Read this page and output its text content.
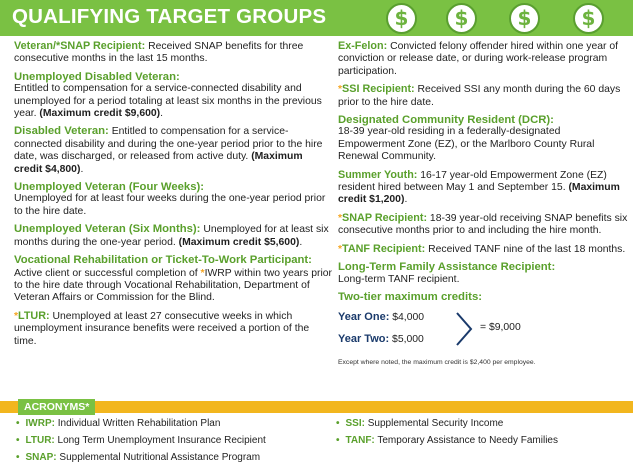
QUALIFYING TARGET GROUPS	$	$	$	$
Veteran/*SNAP Recipient: Received SNAP benefits for three consecutive months in the last 15 months.
Unemployed Disabled Veteran:
Entitled to compensation for a service-connected disability and unemployed for a period totaling at least six months in the previous year. (Maximum credit $9,600).
Disabled Veteran: Entitled to compensation for a service-connected disability and during the one-year period prior to the hire date, was discharged, or released from active duty. (Maximum credit $4,800).
Unemployed Veteran (Four Weeks):
Unemployed for at least four weeks during the one-year period prior to the hire date.
Unemployed Veteran (Six Months): Unemployed for at least six months during the one-year period. (Maximum credit $5,600).
Vocational Rehabilitation or Ticket-To-Work Participant: Active client or successful completion of *IWRP within two years prior to the hire date through Vocational Rehabilitation, Department of Veteran Affairs or Commission for the Blind.
*LTUR: Unemployed at least 27 consecutive weeks in which unemployment insurance benefits were received a portion of the time.
Ex-Felon: Convicted felony offender hired within one year of conviction or release date, or during work-release program participation.
*SSI Recipient: Received SSI any month during the 60 days prior to the hire date.
Designated Community Resident (DCR):
18-39 year-old residing in a federally-designated Empowerment Zone (EZ), or the Marlboro County Rural Renewal Community.
Summer Youth: 16-17 year-old Empowerment Zone (EZ) resident hired between May 1 and September 15. (Maximum credit $1,200).
*SNAP Recipient: 18-39 year-old receiving SNAP benefits six consecutive months prior to and including the hire month.
*TANF Recipient: Received TANF nine of the last 18 months.
Long-Term Family Assistance Recipient:
Long-term TANF recipient.
Two-tier maximum credits:
Year One: $4,000
Year Two: $5,000
= $9,000
Except where noted, the maximum credit is $2,400 per employee.
ACRONYMS*
• IWRP: Individual Written Rehabilitation Plan
• LTUR: Long Term Unemployment Insurance Recipient
• SNAP: Supplemental Nutritional Assistance Program
• SSI: Supplemental Security Income
• TANF: Temporary Assistance to Needy Families
